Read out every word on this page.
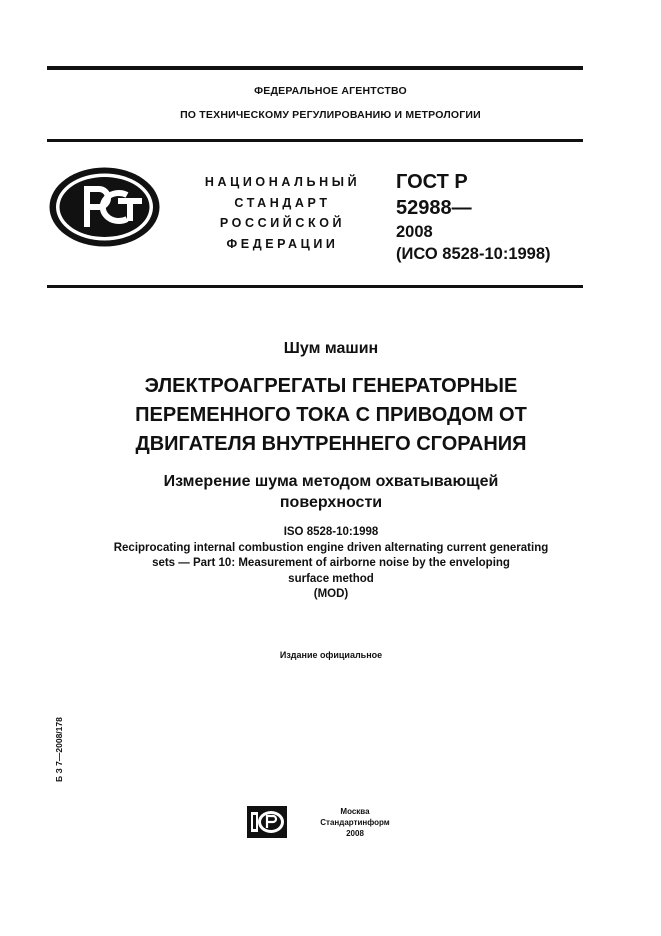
ФЕДЕРАЛЬНОЕ АГЕНТСТВО
ПО ТЕХНИЧЕСКОМУ РЕГУЛИРОВАНИЮ И МЕТРОЛОГИИ
НАЦИОНАЛЬНЫЙ
СТАНДАРТ
РОССИЙСКОЙ
ФЕДЕРАЦИИ
ГОСТ Р
52988—
2008
(ИСО 8528-10:1998)
Шум машин
ЭЛЕКТРОАГРЕГАТЫ ГЕНЕРАТОРНЫЕ
ПЕРЕМЕННОГО ТОКА С ПРИВОДОМ ОТ
ДВИГАТЕЛЯ ВНУТРЕННЕГО СГОРАНИЯ
Измерение шума методом охватывающей
поверхности
ISO 8528-10:1998
Reciprocating internal combustion engine driven alternating current generating
sets — Part 10: Measurement of airborne noise by the enveloping
surface method
(MOD)
Издание официальное
Б З 7—2008/178
Москва
Стандартинформ
2008
